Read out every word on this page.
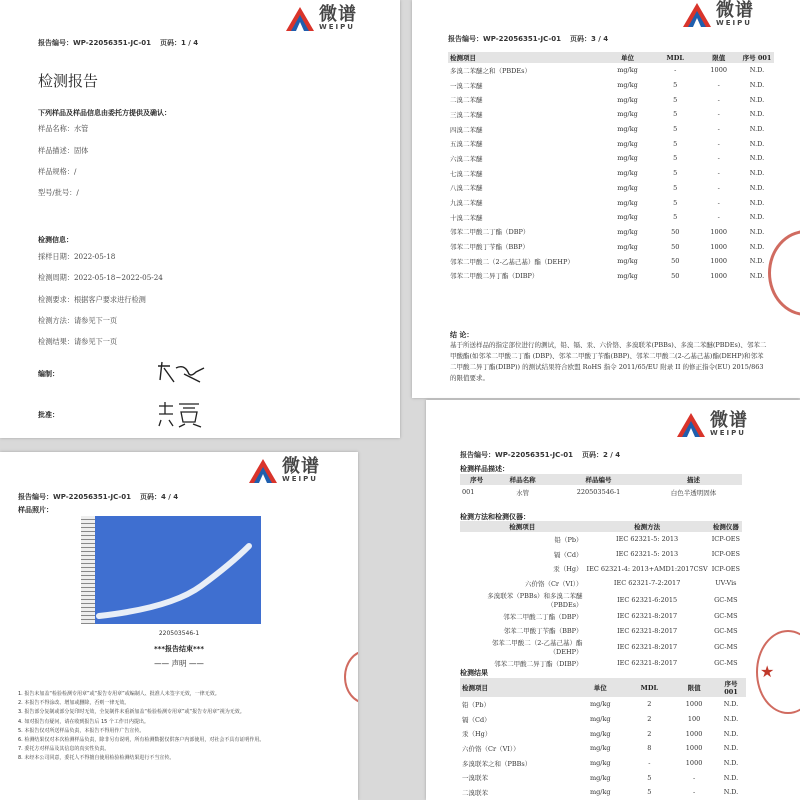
微谱
WEIPU
报告编号：WP-22056351-JC-01 页码：1 / 4
检测报告
下列样品及样品信息由委托方提供及确认：
样品名称：水管
样品描述：固体
样品规格：/
型号/批号：/
检测信息：
採样日期：2022-05-18
检测周期：2022-05-18~2022-05-24
检测要求：根据客户要求进行检测
检测方法：请参见下一页
检测结果：请参见下一页
编制：
批准：
微谱
WEIPU
报告编号：WP-22056351-JC-01 页码：3 / 4
检测项目	单位	MDL	限值	序号 001
多溴二苯醚之和（PBDEs）	mg/kg	-	1000	N.D.
一溴二苯醚	mg/kg	5	-	N.D.
二溴二苯醚	mg/kg	5	-	N.D.
三溴二苯醚	mg/kg	5	-	N.D.
四溴二苯醚	mg/kg	5	-	N.D.
五溴二苯醚	mg/kg	5	-	N.D.
六溴二苯醚	mg/kg	5	-	N.D.
七溴二苯醚	mg/kg	5	-	N.D.
八溴二苯醚	mg/kg	5	-	N.D.
九溴二苯醚	mg/kg	5	-	N.D.
十溴二苯醚	mg/kg	5	-	N.D.
邻苯二甲酸二丁酯（DBP）	mg/kg	50	1000	N.D.
邻苯二甲酸丁苄酯（BBP）	mg/kg	50	1000	N.D.
邻苯二甲酸二（2-乙基己基）酯（DEHP）	mg/kg	50	1000	N.D.
邻苯二甲酸二异丁酯（DIBP）	mg/kg	50	1000	N.D.
结 论：
基于所送样品的指定部位进行的测试，铅、镉、汞、六价铬、多溴联苯(PBBs)、多溴二苯醚(PBDEs)、邻苯二甲酸酯(如邻苯二甲酸二丁酯 (DBP)、邻苯二甲酸丁苄酯(BBP)、邻苯二甲酸二(2-乙基己基)酯(DEHP)和邻苯二甲酸二异丁酯(DIBP)) 的测试结果符合欧盟 RoHS 指令 2011/65/EU 附录 II 的修正指令(EU) 2015/863 的限值要求。
微谱
WEIPU
报告编号：WP-22056351-JC-01 页码：4 / 4
样品照片：
220503546-1
***报告结束***
—— 声明 ——
1. 报告未加盖“检验检测专用章”或“报告专用章”或编制人、批准人未签字无效，一律无效。
2. 本报告不得涂改、增加或删除，否则一律无效。
3. 报告部分复制或部分复印时无效，全复制件未重新加盖“检验检测专用章”或“报告专用章”视为无效。
4. 如对报告有疑问，请在收到报告后 15 个工作日内提出。
5. 本报告仅对所送样品负责，本报告不得用作广告宣传。
6. 检测结果仅对本次检测样品负责，除非另有说明，所有检测数据仅供客户内部使用，对社会不具有证明作用。
7. 委托方对样品及其信息的真实性负责。
8. 未经本公司同意，委托人不得擅自使用检验检测结果进行不当宣传。
微谱
WEIPU
报告编号：WP-22056351-JC-01 页码：2 / 4
检测样品描述：
序号	样品名称	样品编号	描述
001	水管	220503546-1	白色半透明固体
检测方法和检测仪器：
检测项目	检测方法	检测仪器
铅（Pb）	IEC 62321-5: 2013	ICP-OES
镉（Cd）	IEC 62321-5: 2013	ICP-OES
汞（Hg）	IEC 62321-4: 2013+AMD1:2017CSV	ICP-OES
六价铬（Cr（VI））	IEC 62321-7-2:2017	UV-Vis
多溴联苯（PBBs）和多溴二苯醚（PBDEs）	IEC 62321-6:2015	GC-MS
邻苯二甲酸二丁酯（DBP）	IEC 62321-8:2017	GC-MS
邻苯二甲酸丁苄酯（BBP）	IEC 62321-8:2017	GC-MS
邻苯二甲酸二（2-乙基己基）酯（DEHP）	IEC 62321-8:2017	GC-MS
邻苯二甲酸二异丁酯（DIBP）	IEC 62321-8:2017	GC-MS
检测结果
检测项目	单位	MDL	限值	序号 001
铅（Pb）	mg/kg	2	1000	N.D.
镉（Cd）	mg/kg	2	100	N.D.
汞（Hg）	mg/kg	2	1000	N.D.
六价铬（Cr（VI））	mg/kg	8	1000	N.D.
多溴联苯之和（PBBs）	mg/kg	-	1000	N.D.
一溴联苯	mg/kg	5	-	N.D.
二溴联苯	mg/kg	5	-	N.D.
★
